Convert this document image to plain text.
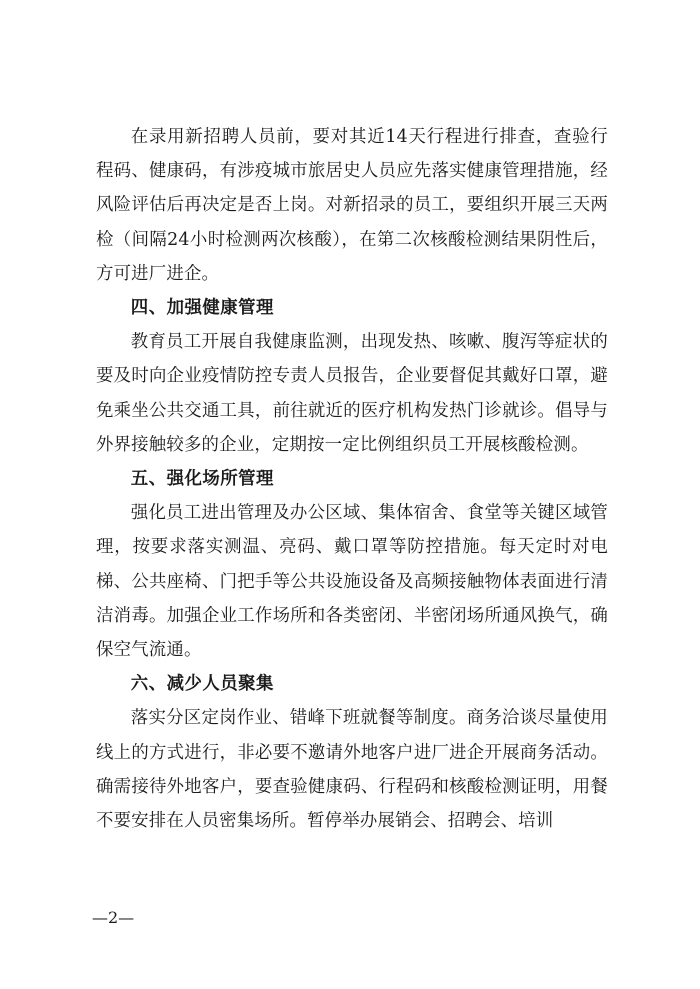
在录用新招聘人员前，要对其近14天行程进行排查，查验行程码、健康码，有涉疫城市旅居史人员应先落实健康管理措施，经风险评估后再决定是否上岗。对新招录的员工，要组织开展三天两检（间隔24小时检测两次核酸），在第二次核酸检测结果阴性后，方可进厂进企。

四、加强健康管理

教育员工开展自我健康监测，出现发热、咳嗽、腹泻等症状的要及时向企业疫情防控专责人员报告，企业要督促其戴好口罩，避免乘坐公共交通工具，前往就近的医疗机构发热门诊就诊。倡导与外界接触较多的企业，定期按一定比例组织员工开展核酸检测。

五、强化场所管理

强化员工进出管理及办公区域、集体宿舍、食堂等关键区域管理，按要求落实测温、亮码、戴口罩等防控措施。每天定时对电梯、公共座椅、门把手等公共设施设备及高频接触物体表面进行清洁消毒。加强企业工作场所和各类密闭、半密闭场所通风换气，确保空气流通。

六、减少人员聚集

落实分区定岗作业、错峰下班就餐等制度。商务洽谈尽量使用线上的方式进行，非必要不邀请外地客户进厂进企开展商务活动。确需接待外地客户，要查验健康码、行程码和核酸检测证明，用餐不要安排在人员密集场所。暂停举办展销会、招聘会、培训

—2—
